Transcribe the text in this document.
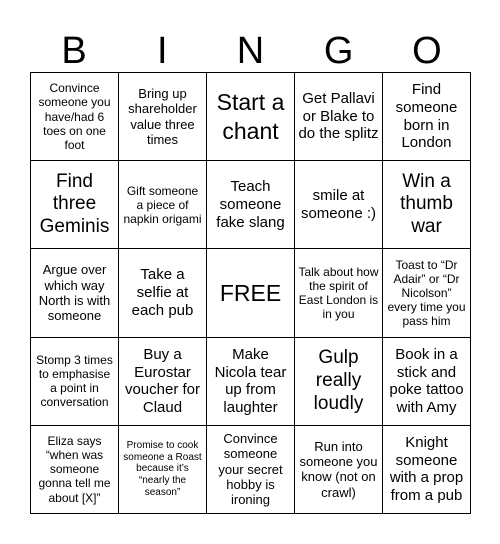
B	I	N	G	O
Convince someone you have/had 6 toes on one foot
Bring up shareholder value three times
Start a chant
Get Pallavi or Blake to do the splitz
Find someone born in London
Find three Geminis
Gift someone a piece of napkin origami
Teach someone fake slang
smile at someone :)
Win a thumb war
Argue over which way North is with someone
Take a selfie at each pub
FREE
Talk about how the spirit of East London is in you
Toast to “Dr Adair” or “Dr Nicolson” every time you pass him
Stomp 3 times to emphasise a point in conversation
Buy a Eurostar voucher for Claud
Make Nicola tear up from laughter
Gulp really loudly
Book in a stick and poke tattoo with Amy
Eliza says “when was someone gonna tell me about [X]”
Promise to cook someone a Roast because it’s “nearly the season”
Convince someone your secret hobby is ironing
Run into someone you know (not on crawl)
Knight someone with a prop from a pub
